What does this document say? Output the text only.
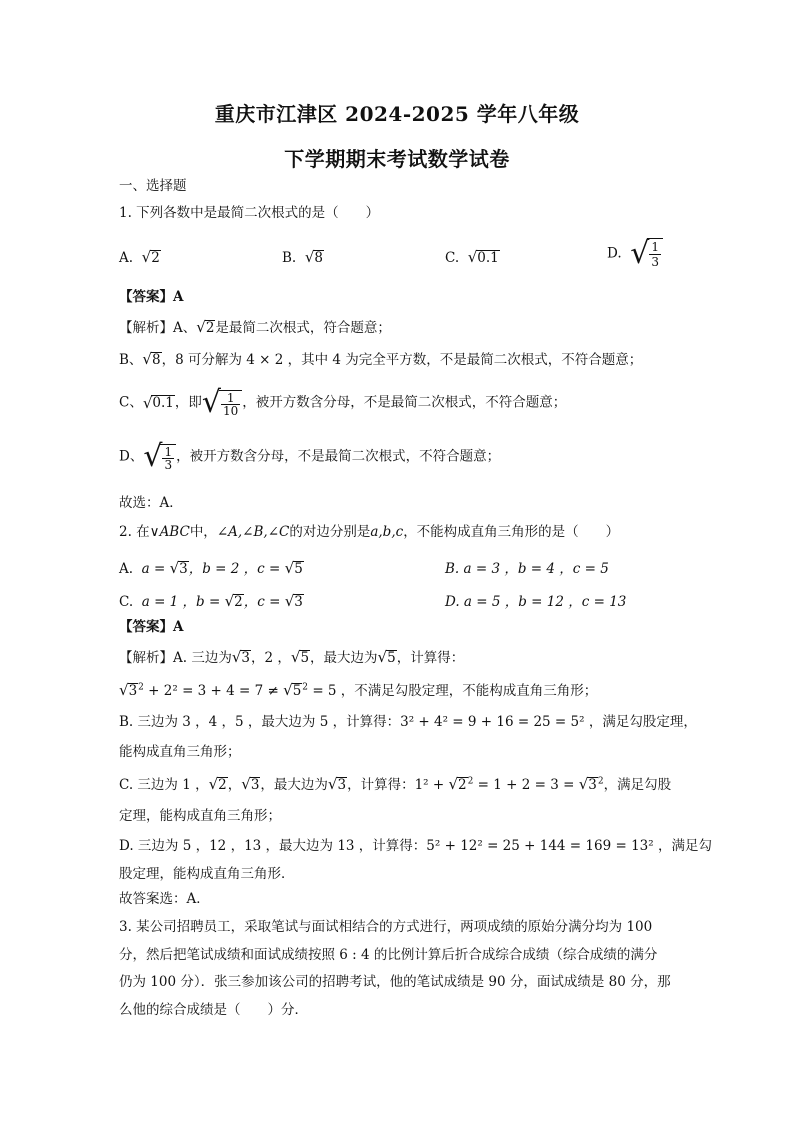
重庆市江津区 2024-2025 学年八年级
下学期期末考试数学试卷
一、选择题
1. 下列各数中是最简二次根式的是（　　）
A. √2	B. √8	C. √0.1	D. √ $\frac{1}{3}$
【答案】A
【解析】A、√2是最简二次根式，符合题意；
B、√8，8 可分解为 4 × 2 ，其中 4 为完全平方数，不是最简二次根式，不符合题意；
C、√0.1，即√ $\frac{1}{10}$ ，被开方数含分母，不是最简二次根式，不符合题意；
D、√ $\frac{1}{3}$ ，被开方数含分母，不是最简二次根式，不符合题意；
故选：A．
2. 在∨ABC中，∠A,∠B,∠C的对边分别是a,b,c，不能构成直角三角形的是（　　）
A. a = √3，b = 2 ，c = √5	B. a = 3 ，b = 4 ，c = 5
C. a = 1 ，b = √2，c = √3	D. a = 5 ，b = 12 ，c = 13
【答案】A
【解析】A. 三边为√3，2 ，√5，最大边为√5，计算得：
$√3^2 + 2^2 = 3 + 4 = 7 \ne √5^2 = 5$ ，不满足勾股定理，不能构成直角三角形；
B. 三边为 3 ，4 ，5 ，最大边为 5 ，计算得：3² + 4² = 9 + 16 = 25 = 5² ，满足勾股定理，
能构成直角三角形；
C. 三边为 1 ，√2，√3，最大边为√3，计算得：$1^2 + √2^2 = 1 + 2 = 3 = √3^2$，满足勾股
定理，能构成直角三角形；
D. 三边为 5 ，12 ，13 ，最大边为 13 ，计算得：5² + 12² = 25 + 144 = 169 = 13² ，满足勾
股定理，能构成直角三角形．
故答案选：A．
3. 某公司招聘员工，采取笔试与面试相结合的方式进行，两项成绩的原始分满分均为 100
分，然后把笔试成绩和面试成绩按照 6 : 4 的比例计算后折合成综合成绩（综合成绩的满分
仍为 100 分）．张三参加该公司的招聘考试，他的笔试成绩是 90 分，面试成绩是 80 分，那
么他的综合成绩是（　　）分．
